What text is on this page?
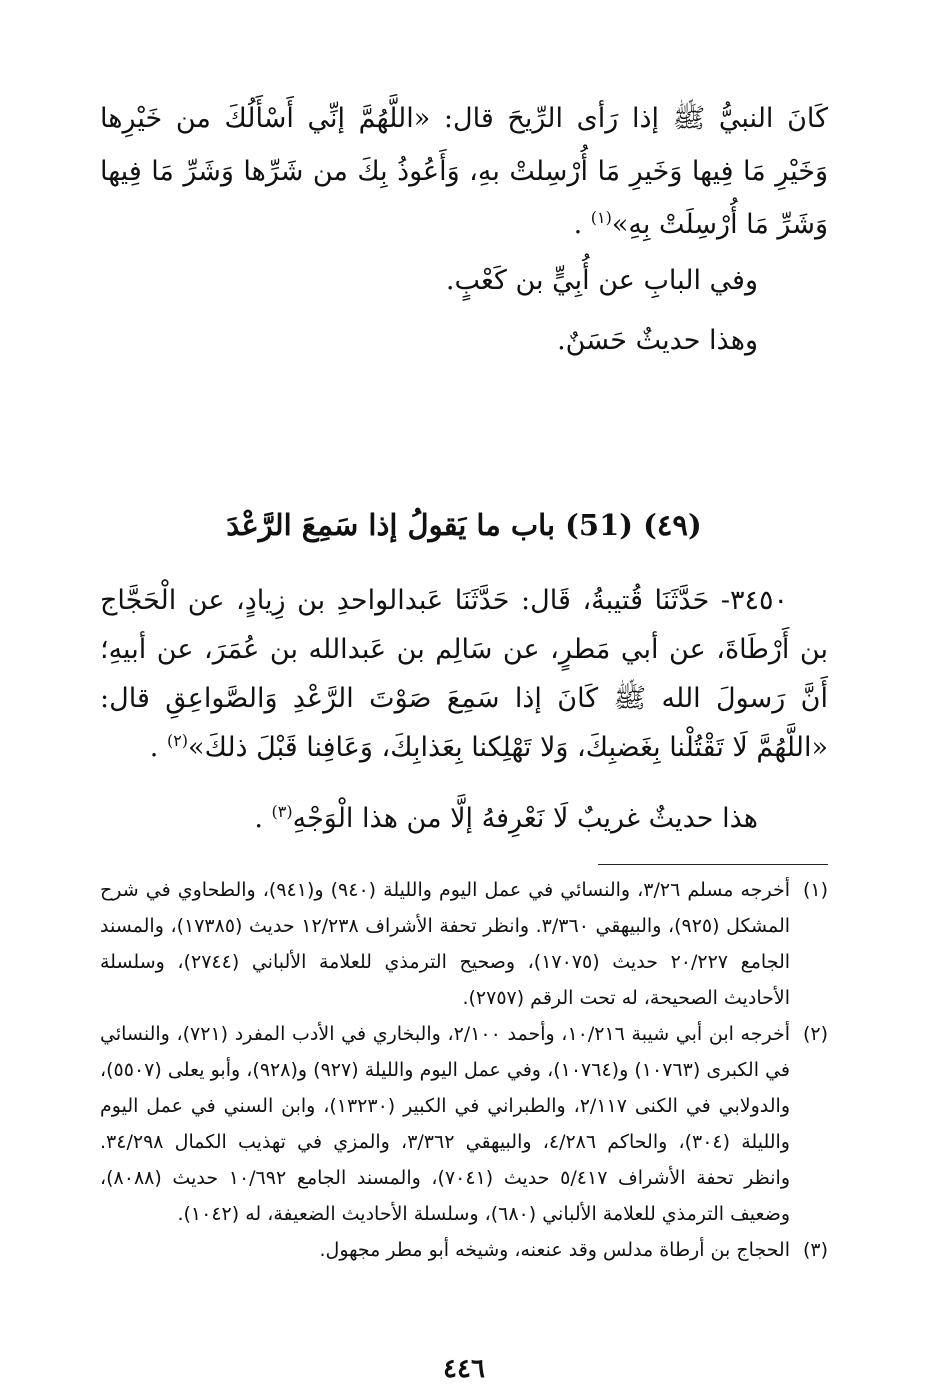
كَانَ النبيُّ ﷺ إذا رَأى الرِّيحَ قال: «اللَّهُمَّ إنِّي أَسْأَلُكَ من خَيْرِها وَخَيْرِ مَا فِيها وَخَيرِ مَا أُرْسِلتْ بهِ، وَأَعُوذُ بِكَ من شَرِّها وَشَرِّ مَا فِيها وَشَرِّ مَا أُرْسِلَتْ بِهِ»$^{(١)}$ .

وفي البابِ عن أُبِيٍّ بن كَعْبٍ.

وهذا حديثٌ حَسَنٌ.

(٤٩) (51) باب ما يَقولُ إذا سَمِعَ الرَّعْدَ

٣٤٥٠- حَدَّثَنَا قُتيبةُ، قَال: حَدَّثَنَا عَبدالواحدِ بن زِيادٍ، عن الْحَجَّاج بن أَرْطَاةَ، عن أبي مَطرٍ، عن سَالِم بن عَبدالله بن عُمَرَ، عن أبيهِ؛ أَنَّ رَسولَ الله ﷺ كَانَ إذا سَمِعَ صَوْتَ الرَّعْدِ وَالصَّواعِقِ قال: «اللَّهُمَّ لَا تَقْتُلْنا بِغَضبِكَ، وَلا تَهْلِكنا بِعَذابِكَ، وَعَافِنا قَبْلَ ذلكَ»$^{(٢)}$ .

هذا حديثٌ غريبٌ لَا نَعْرِفهُ إلَّا من هذا الْوَجْهِ$^{(٣)}$ .
(١)
أخرجه مسلم ٣/٢٦، والنسائي في عمل اليوم والليلة (٩٤٠) و(٩٤١)، والطحاوي في شرح المشكل (٩٢٥)، والبيهقي ٣/٣٦٠. وانظر تحفة الأشراف ١٢/٢٣٨ حديث (١٧٣٨٥)، والمسند الجامع ٢٠/٢٢٧ حديث (١٧٠٧٥)، وصحيح الترمذي للعلامة الألباني (٢٧٤٤)، وسلسلة الأحاديث الصحيحة، له تحت الرقم (٢٧٥٧).
(٢)
أخرجه ابن أبي شيبة ١٠/٢١٦، وأحمد ٢/١٠٠، والبخاري في الأدب المفرد (٧٢١)، والنسائي في الكبرى (١٠٧٦٣) و(١٠٧٦٤)، وفي عمل اليوم والليلة (٩٢٧) و(٩٢٨)، وأبو يعلى (٥٥٠٧)، والدولابي في الكنى ٢/١١٧، والطبراني في الكبير (١٣٢٣٠)، وابن السني في عمل اليوم والليلة (٣٠٤)، والحاكم ٤/٢٨٦، والبيهقي ٣/٣٦٢، والمزي في تهذيب الكمال ٣٤/٢٩٨. وانظر تحفة الأشراف ٥/٤١٧ حديث (٧٠٤١)، والمسند الجامع ١٠/٦٩٢ حديث (٨٠٨٨)، وضعيف الترمذي للعلامة الألباني (٦٨٠)، وسلسلة الأحاديث الضعيفة، له (١٠٤٢).
(٣)
الحجاج بن أرطاة مدلس وقد عنعنه، وشيخه أبو مطر مجهول.
٤٤٦
